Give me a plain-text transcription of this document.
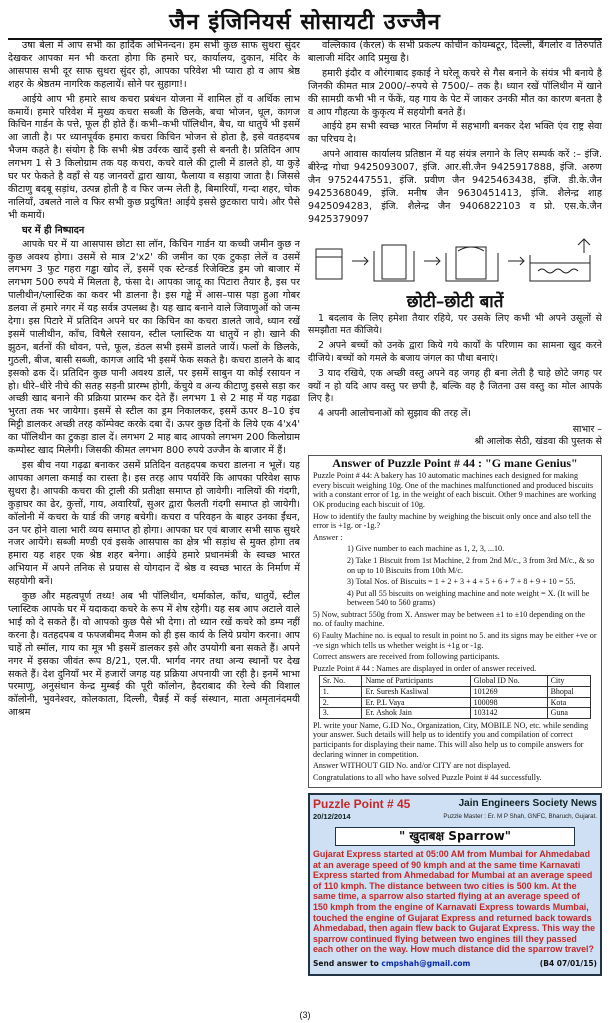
जैन इंजिनियर्स सोसायटी उज्जैन

उषा बेला में आप सभी का हार्दिक अभिनन्दन। हम सभी कुछ साफ सुथरा सुंदर देखकर आपका मन भी करता होगा कि हमारे घर, कार्यालय, दुकान, मंदिर के आसपास सभी दूर साफ सुथरा सुंदर हो, आपका परिवेश भी प्यारा हो व आप श्रेष्ठ शहर के श्रेष्ठतम नागरिक कहलायें। सोने पर सुहागा!।

आईये आप भी हमारे साथ कचरा प्रबंधन योजना में शामिल हों व अर्थिक लाभ कमायें। हमारे परिवेश में मुख्य कचरा सब्जी के छिलके, बचा भोजन, धूल, कागज किचिन गार्डन के पत्ते, फूल ही होते हैं। कभी–कभी पॉलिथीन, बैच, या धातुयें भी इसमें आ जाती है। पर ध्यानपूर्वक हमारा कचरा किचिन भोजन से होता है, इसे वतहदपब भैजम कहते है। संयोग है कि सभी श्रेष्ठ उर्वरक खादें इसी से बनती है। प्रतिदिन आप लगभग 1 से 3 किलोग्राम तक यह कचरा, कचरे वाले की ट्राली में डालते हो, या कुड़े घर पर फेकते है वहाँ से यह जानवरों द्वारा खाया, फैलाया व सड़ाया जाता है। जिससे कीटाणु बदबू सड़ांध, उत्पन्न होती है व फिर जन्म लेती है, बिमारियाँ, गन्दा शहर, चोक नालियाँ, उबलते नाले व फिर सभी कुछ प्रदुषित! आईये इससे छुटकारा पाये। और पैसे भी कमायें।

घर में ही निष्पादन

आपके घर में या आसपास छोटा सा लॉन, किचिन गार्डन या कच्ची जमीन कुछ न कुछ अवश्य होगा। उसमें से मात्र 2'x2' की जमीन का एक टुकड़ा लेलें व उसमें लगभग 3 फुट गहरा गड्ढा खोद लें, इसमें एक स्टेन्डर्ड रिजेक्टिड ड्रम जो बाजार में लगभग 500 रुपये में मिलता है, फंसा दे। आपका जादू का पिटारा तैयार है, इस पर पालीथीन/प्लास्टिक का कवर भी डालना है। इस गड्ढे में आस–पास पड़ा हुआ गोबर डलवा लें हमारे नगर में यह सर्वत्र उपलब्ध है। यह खाद बनाने वाले जिवाणुओं को जन्म देगा। इस पिटारे में प्रतिदिन अपने घर का किचिन का कचरा डालते जावे, ध्यान रखें इसमें पालीथीन, काँच, विषैले रसायन, स्टील प्लास्टिक या धातुयें न हो। खाने की झुठन, बर्तनों की धोवन, पत्ते, फूल, डंठल सभी इसमें डालते जायें। फलों के छिलके, गुठली, बीज, बासी सब्जी, कागज आदि भी इसमें फेक सकते है। कचरा डालने के बाद इसको ढक दें। प्रतिदिन कुछ पानी अवश्य डालें, पर इसमें साबुन या कोई रसायन न हो। धीरे–धीरे नीचे की सतह सड़नी प्रारम्भ होगी, केंचुये व अन्य कीटाणु इससे सड़ा कर अच्छी खाद बनाने की प्रक्रिया प्रारम्भ कर देते हैं। लगभग 1 से 2 माह में यह गढ़ढा भुरता तक भर जायेगा। इसमें से स्टील का ड्रम निकालकर, इसमें ऊपर 8–10 इंच मिट्टी डालकर अच्छी तरह कॉम्पेक्ट करके दबा दें। ऊपर कुछ दिनों के लिये एक 4'x4' का पॉलिथीन का टुकड़ा डाल दें। लगभग 2 माह बाद आपको लगभग 200 किलोग्राम कम्पोस्ट खाद मिलेगी। जिसकी कीमत लगभग 800 रुपये उज्जैन के बाजार में हैं।

इस बीच नया गढ़ढा बनाकर उसमें प्रतिदिन वतहदपब कचरा डालना न भूलें। यह आपका अगला कमाई का रास्ता है। इस तरह आप पर्यावेंरे कि आपका परिवेश साफ सुथरा है। आपकी कचरा की ट्राली की प्रतीक्षा समाप्त हो जावेगी। नालियों की गंदगी, कुड़ाघर का ढेर, कुत्तों, गाय, अवारियाँ, सुअर द्वारा फैलती गंदगी समाप्त हो जायेगी। कॉलोनी में कचरा के यार्ड की जगह बचेगी। कचरा व परिवहन के बाहर उनका ईंधन, उन पर होने वाला भारी व्यय समाप्त हो होगा। आपका घर एवं बाजार सभी साफ सुथरे नजर आयेंगे। सब्जी मण्डी एवं इसके आसपास का क्षेत्र भी सड़ांध से मुक्त होगा तब हमारा यह शहर एक श्रेष्ठ शहर बनेगा। आईये हमारे प्रधानमंत्री के स्वच्छ भारत अभियान में अपने तनिक से प्रयास से योगदान दें श्रेष्ठ व स्वच्छ भारत के निर्माण में सहयोगी बनें।

कुछ और महत्वपूर्ण तथ्य! अब भी पॉलिथीन, थर्माकोल, काँच, धातुयें, स्टील प्लास्टिक आपके घर में यदाकदा कचरे के रूप में शेष रहेगी। यह सब आप अटाले वाले भाई को दे सकते हैं। वो आपको कुछ पैसे भी देगा। तो ध्यान रखें कचरे को डम्प नहीं करना है। वतहदपब व फपजबीमद मैजम को ही इस कार्य के लिये प्रयोग करना। आप चाहें तो स्मॉल, गाय का मूत्र भी इसमें डालकर इसे और उपयोगी बना सकते हैं। अपने नगर में इसका जीवंत रूप 8/21, एल.पी. भार्गव नगर तथा अन्य स्थानों पर देख सकते हैं। देश दुनियाँ भर में हजारों जगह यह प्रक्रिया अपनायी जा रही है। इनमें भाभा परमाणु, अनुसंधान केन्द्र मुम्बई की पूरी कॉलोन, हैदराबाद की रेल्वे की विशाल कॉलोनी, भुवनेश्वर, कोलकाता, दिल्ली, चैन्नई में कई संस्थान, माता अमृतानंदमयी आश्रम

वल्लिकाव (केरल) के सभी प्रकल्प कोचीन कोयम्बटूर, दिल्ली, बैंगलोर व तिरुपति बालाजी मंदिर आदि प्रमुख है।

हमारी इंदौर व औरंगाबाद इकाई ने घरेलू कचरे से गैस बनाने के संयंत्र भी बनाये है जिनकी कीमत मात्र 2000/–रुपये से 7500/– तक है। ध्यान रखें पॉलिथीन में खाने की सामग्री कभी भी न फेंकें, यह गाय के पेट में जाकर उनकी मौत का कारण बनता है व आप गौहत्या के कुकृत्य में सहयोगी बनते हैं।

आईये हम सभी स्वच्छ भारत निर्माण में सहभागी बनकर देश भक्ति एंव राष्ट्र सेवा का परिचय दे।

अपने आवास कार्यालय प्रतिष्ठान में यह संयंत्र लगाने के लिए सम्पर्क करें :– इंजि. बीरेन्द्र गोधा 9425093007, इंजि. आर.सी.जैन 9425917888, इंजि. अरुण जैन 9752447551, इंजि. प्रवीण जैन 9425463438, इंजि. डी.के.जैन 9425368049, इंजि. मनीष जैन 9630451413, इंजि. शैलेन्द्र शाह 9425094283, इंजि. शैलेन्द्र जैन 9406822103 व प्रो. एस.के.जैन 9425379097

छोटी–छोटी बातें

1 बदलाव के लिए हमेशा तैयार रहिये, पर उसके लिए कभी भी अपने उसूलों से समझौता मत कीजिये।

2 अपने बच्चों को उनके द्वारा किये गये कार्यों के परिणाम का सामना खुद करने दीजिये। बच्चों को गमले के बजाय जंगल का पौधा बनाएं।

3 याद रखिये, एक अच्छी वस्तु अपने वह जगह ही बना लेती है चाहे छोटे जगह पर क्यों न हो यदि आप वस्तु पर छपी है, बल्कि वह है जितना उस वस्तु का मोल आपके लिए है।

4 अपनी आलोचनाओं को सुझाव की तरह लें।

साभार –
श्री आलोक सेठी, खंडवा की पुस्तक से
Answer of Puzzle Point # 44 : "G mane Genius"

Puzzle Point # 44: A bakery has 10 automatic machines each designed for making every biscuit weighing 10g. One of the machines malfunctioned and produced biscuits with a constant error of 1g. in the weight of each biscuit. Other 9 machines are working OK producing each biscuit of 10g.

How to identify the faulty machine by weighing the biscuit only once and also tell the error is +1g. or -1g.?

Answer :

1) Give number to each machine as 1, 2, 3, ...10.

2) Take 1 Biscuit from 1st Machine, 2 from 2nd M/c., 3 from 3rd M/c., & so on up to 10 Biscuits from 10th M/c.

3) Total Nos. of Biscuits = 1 + 2 + 3 + 4 + 5 + 6 + 7 + 8 + 9 + 10 = 55.

4) Put all 55 biscuits on weighing machine and note weight = X. (It will be between 540 to 560 grams)

5) Now, subtract 550g from X. Answer may be between ±1 to ±10 depending on the no. of faulty machine.

6) Faulty Machine no. is equal to result in point no 5. and its signs may be either +ve or -ve sign which tells us whether weight is +1g or -1g.

Correct answers are received from following participants.

Puzzle Point # 44 : Names are displayed in order of answer received.

Sr. No.	Name of Participants	Global ID No.	City
1.	Er. Suresh Kasliwal	101269	Bhopal
2.	Er. P.L Vaya	100098	Kota
3.	Er. Ashok Jain	103142	Guna

Pl. write your Name, G.ID No., Organization, City, MOBILE NO, etc. while sending your answer. Such details will help us to identify you and compilation of correct participants for displaying their name. This will also help us to compile answers for declaring winner in competition.

Answer WITHOUT GID No. and/or CITY are not displayed.

Congratulations to all who have solved Puzzle Point # 44 successfully.

Puzzle Point # 45
20/12/2014
Jain Engineers Society News
Puzzle Master : Er. M P Shah, GNFC, Bharuch, Gujarat.
" खुदाबक्ष Sparrow"
Gujarat Express started at 05:00 AM from Mumbai for Ahmedabad at an average speed of 90 kmph and at the same time Karnavati Express started from Ahmedabad for Mumbai at an average speed of 110 kmph. The distance between two cities is 500 km. At the same time, a sparrow also started flying at an average speed of 150 kmph from the engine of Karnavati Express towards Mumbai, touched the engine of Gujarat Express and returned back towards Ahmedabad, then again flew back to Gujarat Express. This way the sparrow continued flying between two engines till they passed each other on the way. How much distance did the sparrow travel?
Send answer to cmpshah@gmail.com	(B4 07/01/15)
(3)
